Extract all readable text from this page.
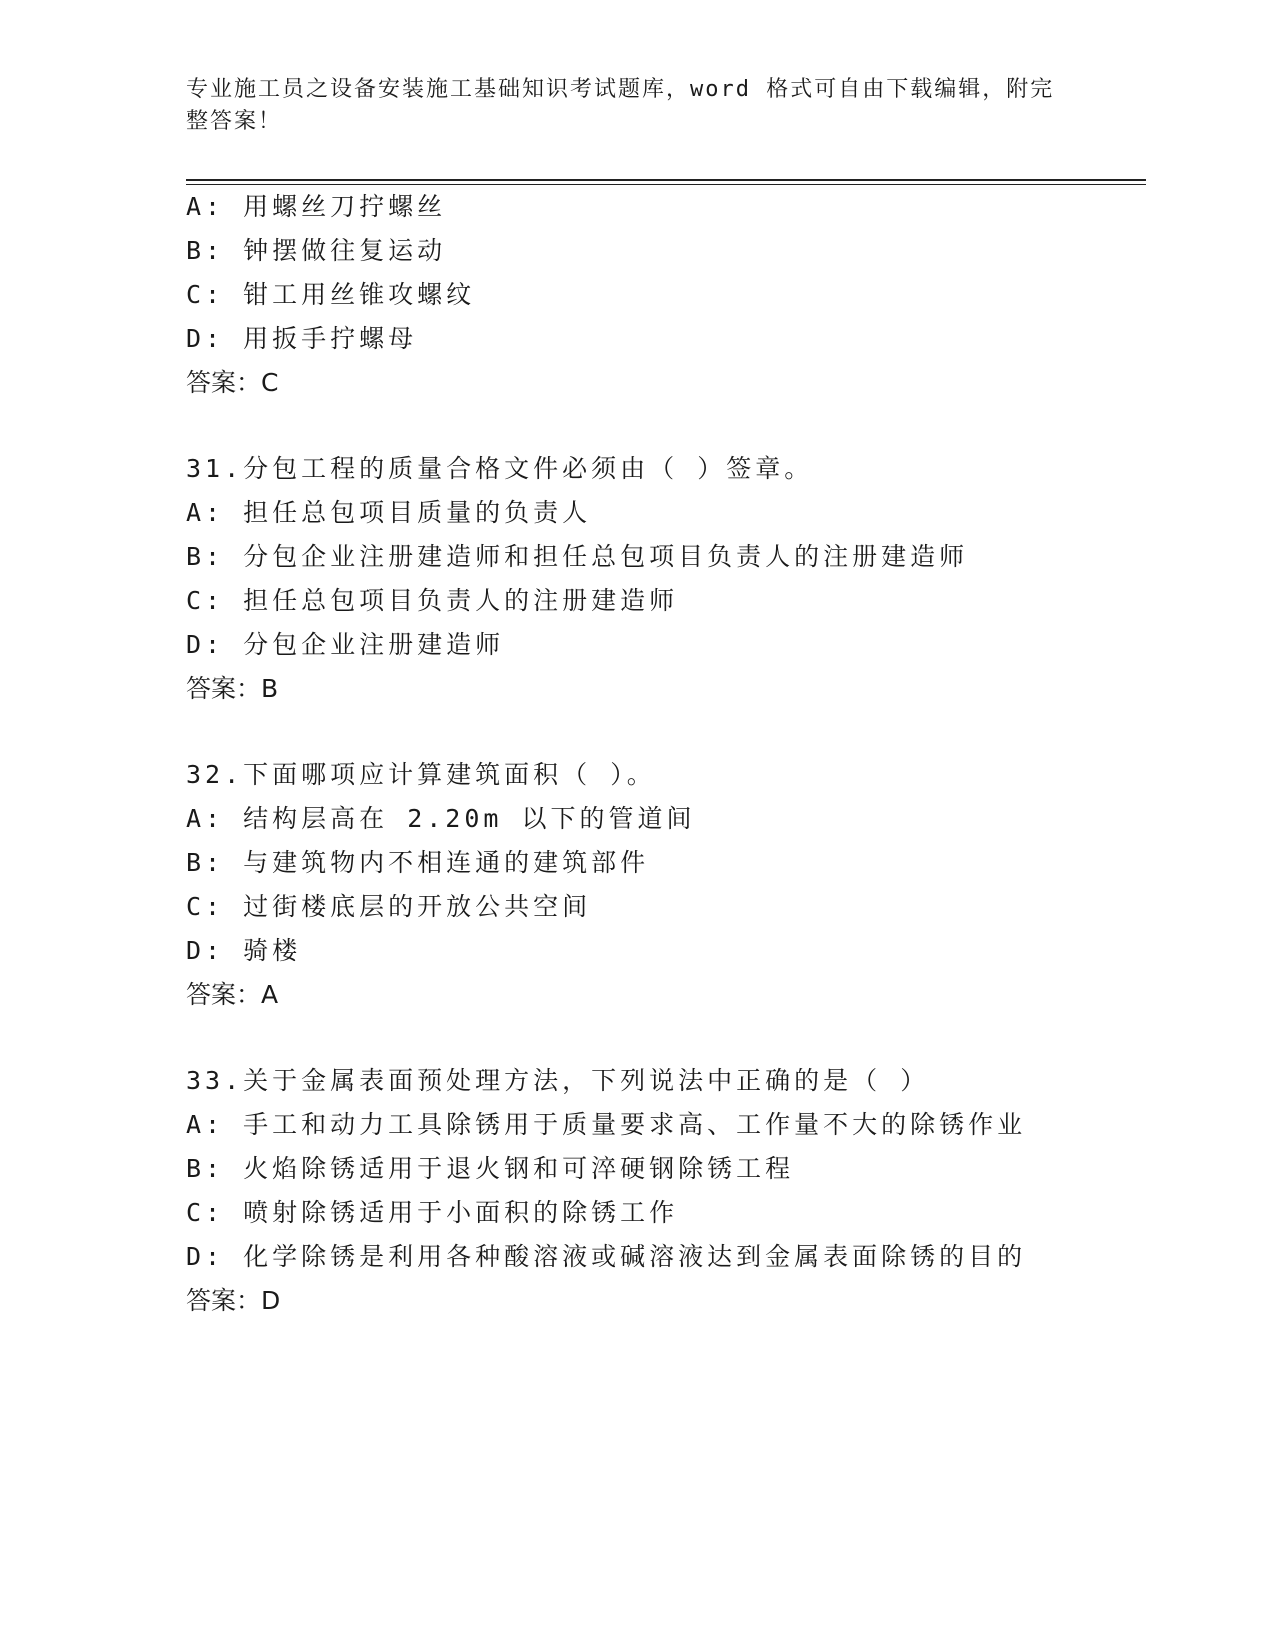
专业施工员之设备安装施工基础知识考试题库，word 格式可自由下载编辑，附完
整答案！
A: 用螺丝刀拧螺丝
B: 钟摆做往复运动
C: 钳工用丝锥攻螺纹
D: 用扳手拧螺母
答案：C
31.分包工程的质量合格文件必须由（ ）签章。
A: 担任总包项目质量的负责人
B: 分包企业注册建造师和担任总包项目负责人的注册建造师
C: 担任总包项目负责人的注册建造师
D: 分包企业注册建造师
答案：B
32.下面哪项应计算建筑面积（ ）。
A: 结构层高在 2.20m 以下的管道间
B: 与建筑物内不相连通的建筑部件
C: 过街楼底层的开放公共空间
D: 骑楼
答案：A
33.关于金属表面预处理方法，下列说法中正确的是（ ）
A: 手工和动力工具除锈用于质量要求高、工作量不大的除锈作业
B: 火焰除锈适用于退火钢和可淬硬钢除锈工程
C: 喷射除锈适用于小面积的除锈工作
D: 化学除锈是利用各种酸溶液或碱溶液达到金属表面除锈的目的
答案：D
